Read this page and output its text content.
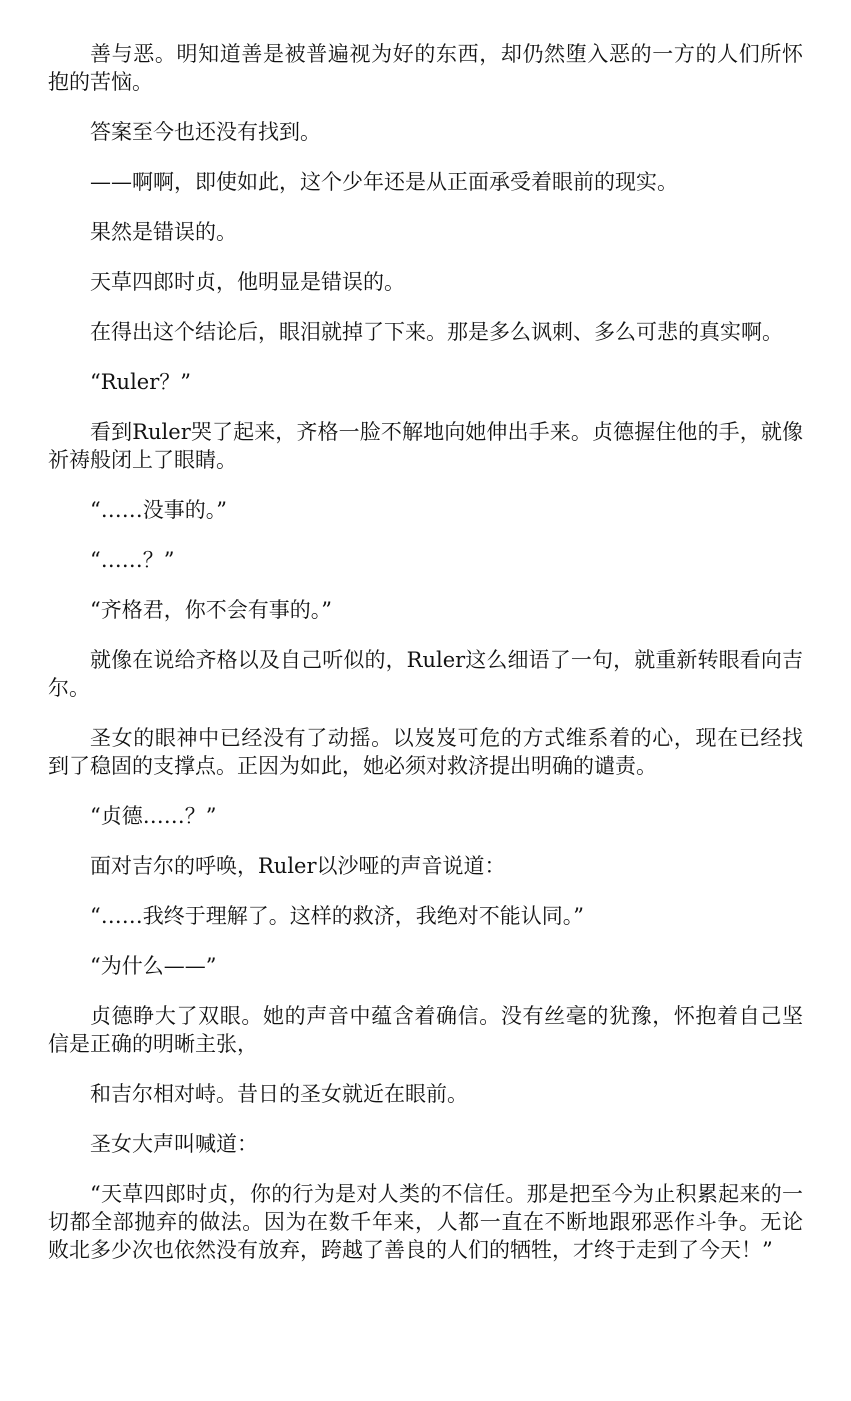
善与恶。明知道善是被普遍视为好的东西，却仍然堕入恶的一方的人们所怀抱的苦恼。

答案至今也还没有找到。

——啊啊，即使如此，这个少年还是从正面承受着眼前的现实。

果然是错误的。

天草四郎时贞，他明显是错误的。

在得出这个结论后，眼泪就掉了下来。那是多么讽刺、多么可悲的真实啊。

“Ruler？”

看到Ruler哭了起来，齐格一脸不解地向她伸出手来。贞德握住他的手，就像祈祷般闭上了眼睛。

“……没事的。”

“……？”

“齐格君，你不会有事的。”

就像在说给齐格以及自己听似的，Ruler这么细语了一句，就重新转眼看向吉尔。

圣女的眼神中已经没有了动摇。以岌岌可危的方式维系着的心，现在已经找到了稳固的支撑点。正因为如此，她必须对救济提出明确的谴责。

“贞德……？”

面对吉尔的呼唤，Ruler以沙哑的声音说道：

“……我终于理解了。这样的救济，我绝对不能认同。”

“为什么——”

贞德睁大了双眼。她的声音中蕴含着确信。没有丝毫的犹豫，怀抱着自己坚信是正确的明晰主张，

和吉尔相对峙。昔日的圣女就近在眼前。

圣女大声叫喊道：

“天草四郎时贞，你的行为是对人类的不信任。那是把至今为止积累起来的一切都全部抛弃的做法。因为在数千年来，人都一直在不断地跟邪恶作斗争。无论败北多少次也依然没有放弃，跨越了善良的人们的牺牲，才终于走到了今天！”
